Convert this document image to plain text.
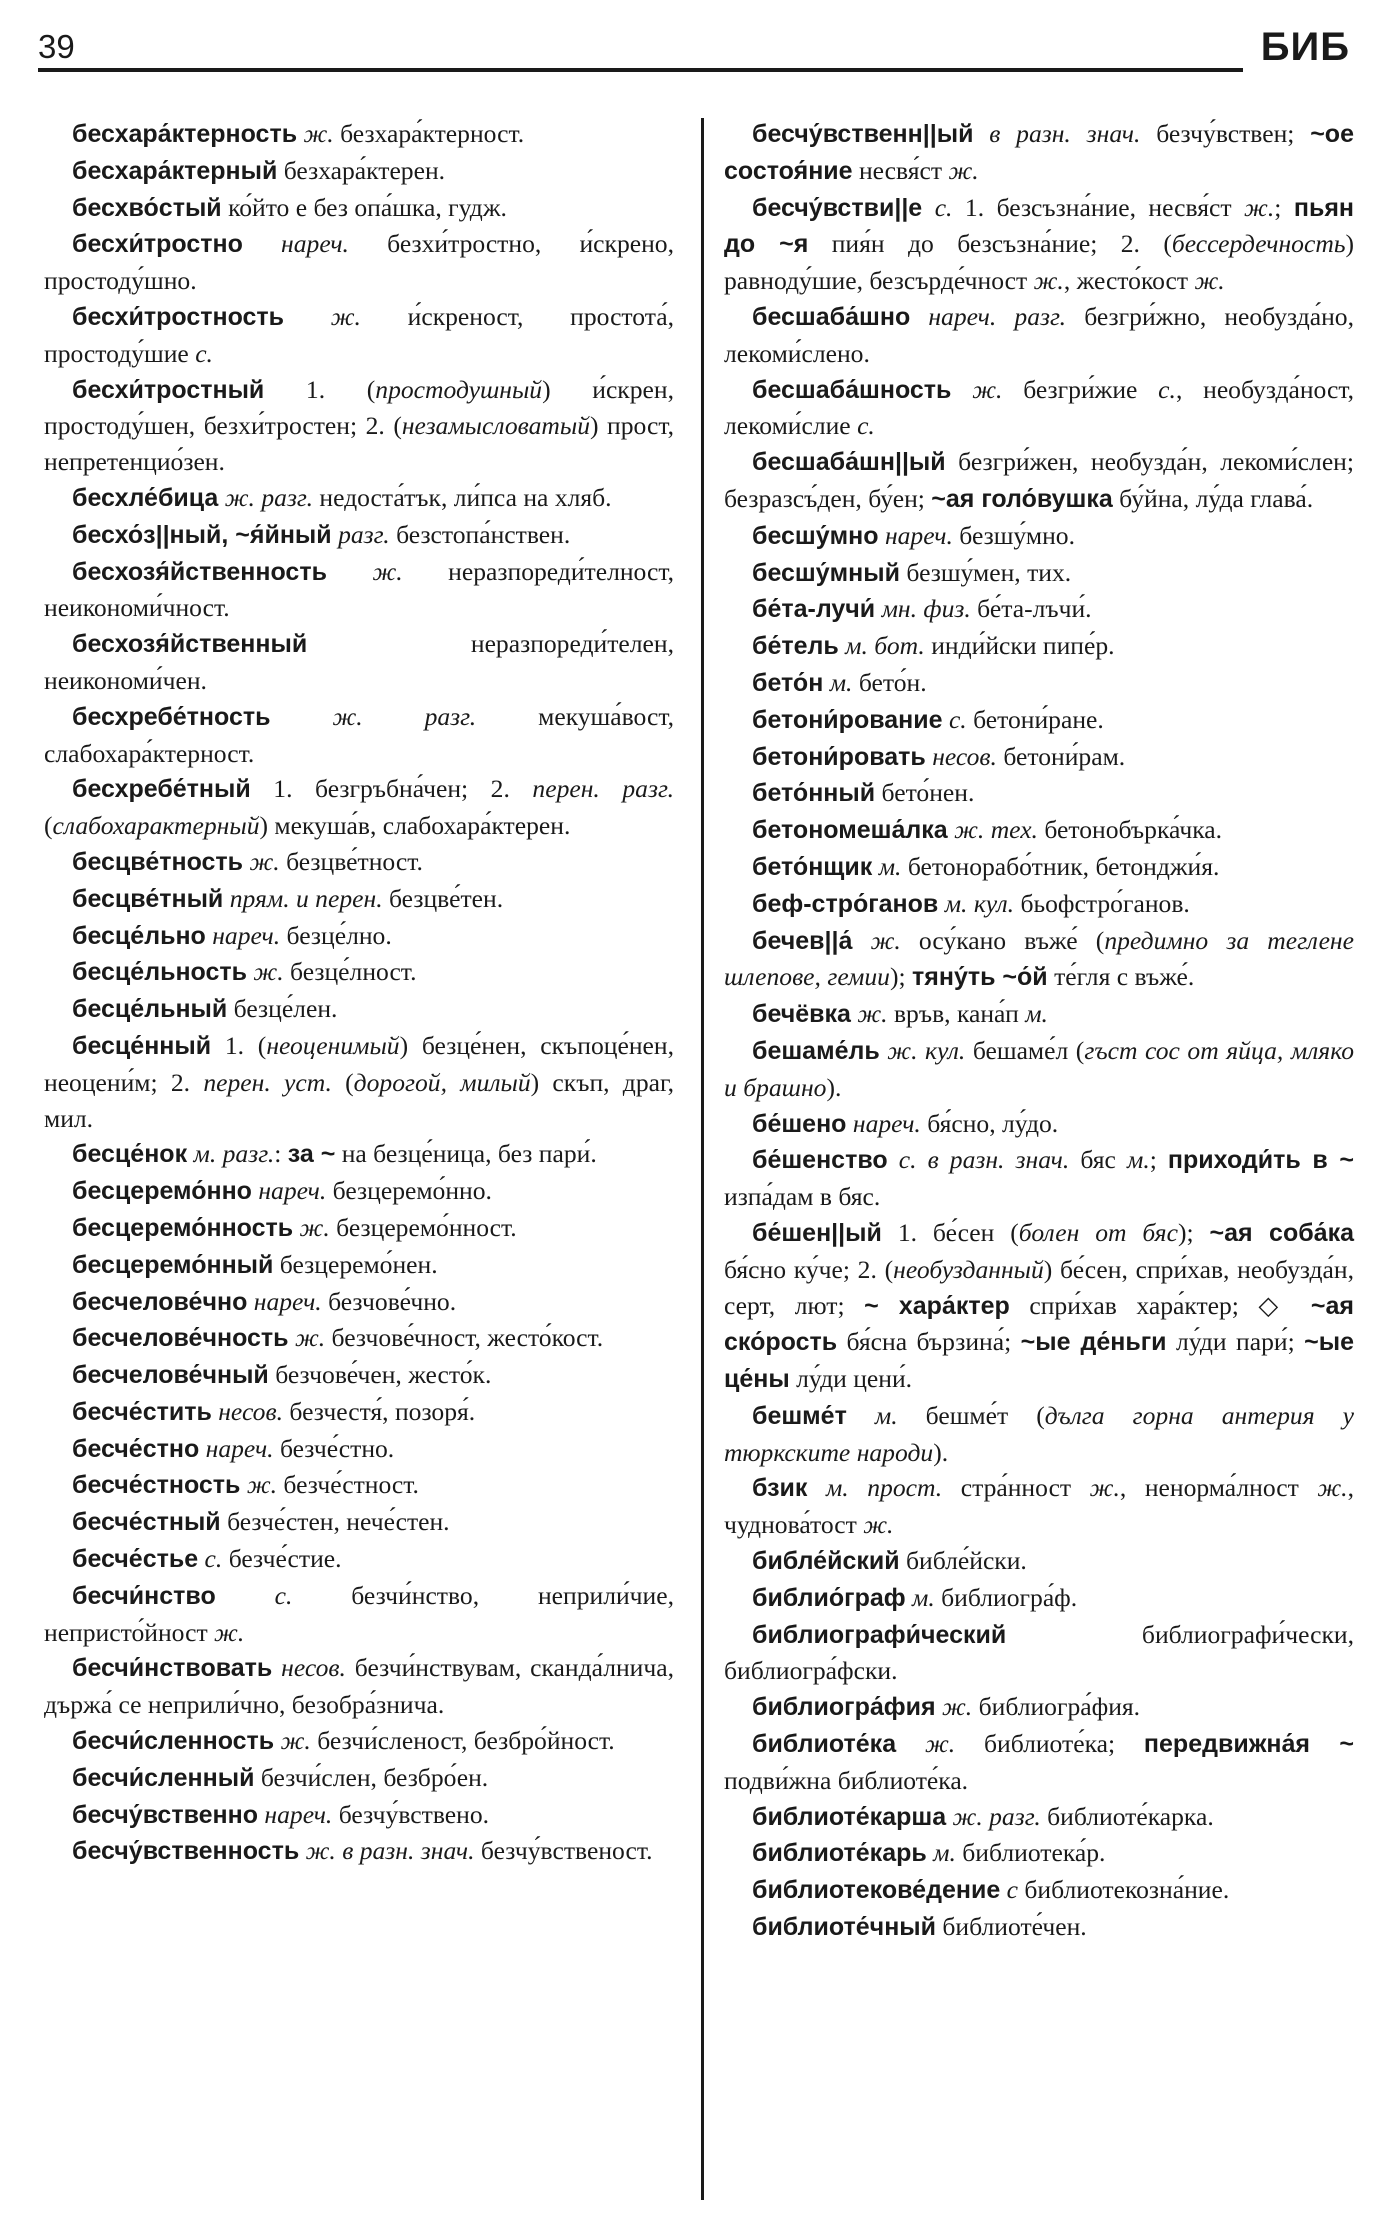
39	БИБ

бесхара́ктерность ж. безхара́ктерност.

бесхара́ктерный безхара́ктерен.

бесхво́стый ко́йто е без опа́шка, гудж.

бесхи́тростно нареч. безхи́тростно, и́скрено, простоду́шно.

бесхи́тростность ж. и́скреност, простота́, простоду́шие с.

бесхи́тростный 1. (простодушный) и́скрен, простоду́шен, безхи́тростен; 2. (незамысловатый) прост, непретенцио́зен.

бесхле́бица ж. разг. недоста́тък, ли́пса на хляб.

бесхо́з||ный, ~я́йный разг. безстопа́нствен.

бесхозя́йственность ж. неразпореди́телност, неикономи́чност.

бесхозя́йственный неразпореди́телен, неикономи́чен.

бесхребе́тность ж. разг. мекуша́вост, слабохара́ктерност.

бесхребе́тный 1. безгръбна́чен; 2. перен. разг. (слабохарактерный) мекуша́в, слабохара́ктерен.

бесцве́тность ж. безцве́тност.

бесцве́тный прям. и перен. безцве́тен.

бесце́льно нареч. безце́лно.

бесце́льность ж. безце́лност.

бесце́льный безце́лен.

бесце́нный 1. (неоценимый) безце́нен, скъпоце́нен, неоцени́м; 2. перен. уст. (дорогой, милый) скъп, драг, мил.

бесце́нок м. разг.: за ~ на безце́ница, без пари́.

бесцеремо́нно нареч. безцеремо́нно.

бесцеремо́нность ж. безцеремо́нност.

бесцеремо́нный безцеремо́нен.

бесчелове́чно нареч. безчове́чно.

бесчелове́чность ж. безчове́чност, жесто́кост.

бесчелове́чный безчове́чен, жесто́к.

бесче́стить несов. безчестя́, позоря́.

бесче́стно нареч. безче́стно.

бесче́стность ж. безче́стност.

бесче́стный безче́стен, нече́стен.

бесче́стье с. безче́стие.

бесчи́нство с. безчи́нство, неприли́чие, непристо́йност ж.

бесчи́нствовать несов. безчи́нствувам, сканда́лнича, държа́ се неприли́чно, безобра́знича.

бесчи́сленность ж. безчи́сленост, безбро́йност.

бесчи́сленный безчи́слен, безбро́ен.

бесчу́вственно нареч. безчу́вствено.

бесчу́вственность ж. в разн. знач. безчу́вственост.

бесчу́вственн||ый в разн. знач. безчу́вствен; ~ое состоя́ние несвя́ст ж.

бесчу́встви||е с. 1. безсъзна́ние, несвя́ст ж.; пьян до ~я пия́н до безсъзна́ние; 2. (бессердечность) равноду́шие, безсърде́чност ж., жесто́кост ж.

бесшаба́шно нареч. разг. безгри́жно, необузда́но, лекоми́слено.

бесшаба́шность ж. безгри́жие с., необузда́ност, лекоми́слие с.

бесшаба́шн||ый безгри́жен, необузда́н, лекоми́слен; безразсъ́ден, бу́ен; ~ая голо́вушка бу́йна, лу́да глава́.

бесшу́мно нареч. безшу́мно.

бесшу́мный безшу́мен, тих.

бе́та-лучи́ мн. физ. бе́та-лъчи́.

бе́тель м. бот. инди́йски пипе́р.

бето́н м. бето́н.

бетони́рование с. бетони́ране.

бетони́ровать несов. бетони́рам.

бето́нный бето́нен.

бетономеша́лка ж. тех. бетонобърка́чка.

бето́нщик м. бетонорабо́тник, бетонджи́я.

беф-стро́ганов м. кул. бьофстро́ганов.

бечев||а́ ж. осу́кано въже́ (предимно за теглене шлепове, гемии); тяну́ть ~о́й те́гля с въже́.

бечёвка ж. връв, кана́п м.

бешаме́ль ж. кул. бешаме́л (гъст сос от яйца, мляко и брашно).

бе́шено нареч. бя́сно, лу́до.

бе́шенство с. в разн. знач. бяс м.; приходи́ть в ~ изпа́дам в бяс.

бе́шен||ый 1. бе́сен (болен от бяс); ~ая соба́ка бя́сно ку́че; 2. (необузданный) бе́сен, спри́хав, необузда́н, серт, лют; ~ хара́ктер спри́хав хара́ктер; ◇ ~ая ско́рость бя́сна бързина́; ~ые де́ньги лу́ди пари́; ~ые це́ны лу́ди цени́.

бешме́т м. бешме́т (дълга горна антерия у тюркските народи).

бзик м. прост. стра́нност ж., ненорма́лност ж., чуднова́тост ж.

библе́йский библе́йски.

библио́граф м. библиогра́ф.

библиографи́ческий библиографи́чески, библиогра́фски.

библиогра́фия ж. библиогра́фия.

библиоте́ка ж. библиоте́ка; передвижна́я ~ подви́жна библиоте́ка.

библиоте́карша ж. разг. библиоте́карка.

библиоте́карь м. библиотека́р.

библиотекове́дение с библиотекозна́ние.

библиоте́чный библиоте́чен.
